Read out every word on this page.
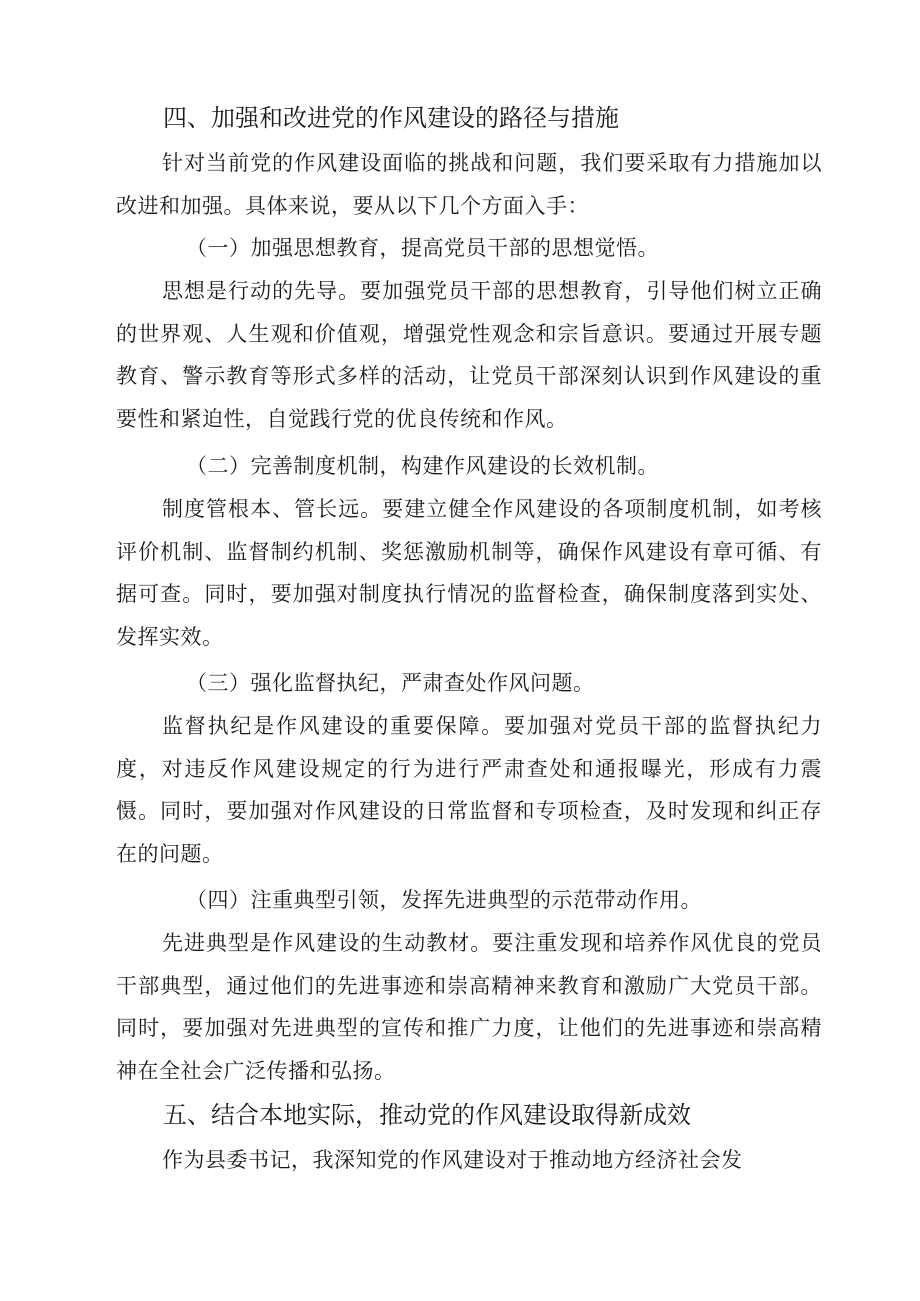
四、加强和改进党的作风建设的路径与措施

针对当前党的作风建设面临的挑战和问题，我们要采取有力措施加以改进和加强。具体来说，要从以下几个方面入手：

（一）加强思想教育，提高党员干部的思想觉悟。

思想是行动的先导。要加强党员干部的思想教育，引导他们树立正确的世界观、人生观和价值观，增强党性观念和宗旨意识。要通过开展专题教育、警示教育等形式多样的活动，让党员干部深刻认识到作风建设的重要性和紧迫性，自觉践行党的优良传统和作风。

（二）完善制度机制，构建作风建设的长效机制。

制度管根本、管长远。要建立健全作风建设的各项制度机制，如考核评价机制、监督制约机制、奖惩激励机制等，确保作风建设有章可循、有据可查。同时，要加强对制度执行情况的监督检查，确保制度落到实处、发挥实效。

（三）强化监督执纪，严肃查处作风问题。

监督执纪是作风建设的重要保障。要加强对党员干部的监督执纪力度，对违反作风建设规定的行为进行严肃查处和通报曝光，形成有力震慑。同时，要加强对作风建设的日常监督和专项检查，及时发现和纠正存在的问题。

（四）注重典型引领，发挥先进典型的示范带动作用。

先进典型是作风建设的生动教材。要注重发现和培养作风优良的党员干部典型，通过他们的先进事迹和崇高精神来教育和激励广大党员干部。同时，要加强对先进典型的宣传和推广力度，让他们的先进事迹和崇高精神在全社会广泛传播和弘扬。

五、结合本地实际，推动党的作风建设取得新成效

作为县委书记，我深知党的作风建设对于推动地方经济社会发
